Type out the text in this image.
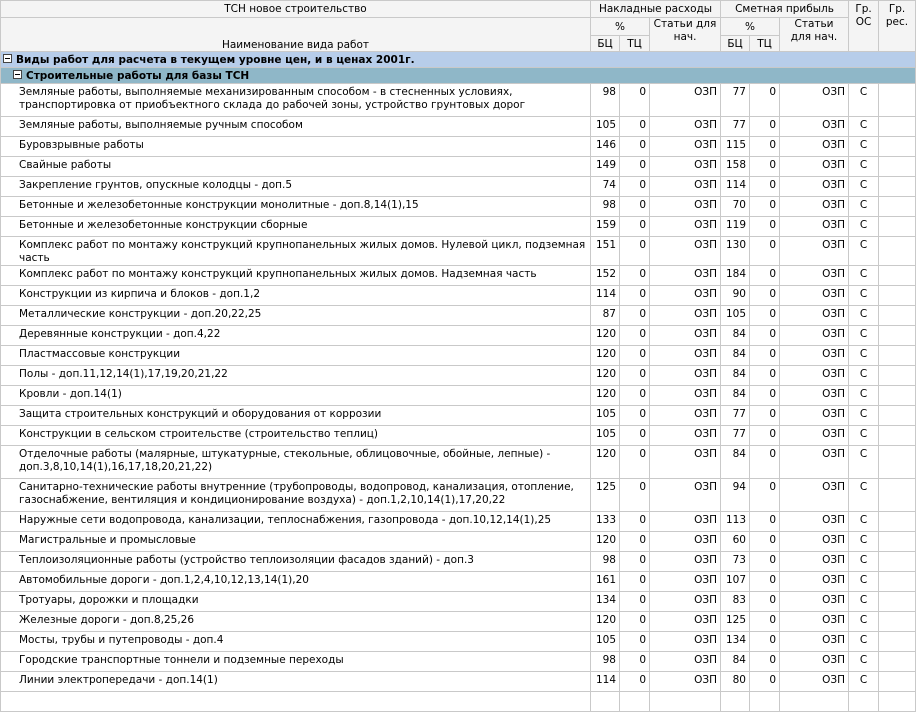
ТСН новое строительство	Накладные расходы			Сметная прибыль			Гр. ОС	Гр. рес.
Наименование вида работ	%		Статьи для нач.	%		Статьи для нач.		
	БЦ	ТЦ		БЦ	ТЦ			
Виды работ для расчета в текущем уровне цен, и в ценах 2001г.								
Строительные работы для базы ТСН								
Земляные работы, выполняемые механизированным способом - в стесненных условиях, транспортировка от приобъектного склада до рабочей зоны, устройство грунтовых дорог	98	0	ОЗП	77	0	ОЗП	С	
Земляные работы, выполняемые ручным способом	105	0	ОЗП	77	0	ОЗП	С	
Буровзрывные работы	146	0	ОЗП	115	0	ОЗП	С	
Свайные работы	149	0	ОЗП	158	0	ОЗП	С	
Закрепление грунтов, опускные колодцы - доп.5	74	0	ОЗП	114	0	ОЗП	С	
Бетонные и железобетонные конструкции монолитные - доп.8,14(1),15	98	0	ОЗП	70	0	ОЗП	С	
Бетонные и железобетонные конструкции сборные	159	0	ОЗП	119	0	ОЗП	С	
Комплекс работ по монтажу конструкций крупнопанельных жилых домов. Нулевой цикл, подземная часть	151	0	ОЗП	130	0	ОЗП	С	
Комплекс работ по монтажу конструкций крупнопанельных жилых домов. Надземная часть	152	0	ОЗП	184	0	ОЗП	С	
Конструкции из кирпича и блоков - доп.1,2	114	0	ОЗП	90	0	ОЗП	С	
Металлические конструкции - доп.20,22,25	87	0	ОЗП	105	0	ОЗП	С	
Деревянные конструкции - доп.4,22	120	0	ОЗП	84	0	ОЗП	С	
Пластмассовые конструкции	120	0	ОЗП	84	0	ОЗП	С	
Полы - доп.11,12,14(1),17,19,20,21,22	120	0	ОЗП	84	0	ОЗП	С	
Кровли - доп.14(1)	120	0	ОЗП	84	0	ОЗП	С	
Защита строительных конструкций и оборудования от коррозии	105	0	ОЗП	77	0	ОЗП	С	
Конструкции в сельском строительстве (строительство теплиц)	105	0	ОЗП	77	0	ОЗП	С	
Отделочные работы (малярные, штукатурные, стекольные, облицовочные, обойные, лепные) - доп.3,8,10,14(1),16,17,18,20,21,22)	120	0	ОЗП	84	0	ОЗП	С	
Санитарно-технические работы внутренние (трубопроводы, водопровод, канализация, отопление, газоснабжение, вентиляция и кондиционирование воздуха) - доп.1,2,10,14(1),17,20,22	125	0	ОЗП	94	0	ОЗП	С	
Наружные сети водопровода, канализации, теплоснабжения, газопровода - доп.10,12,14(1),25	133	0	ОЗП	113	0	ОЗП	С	
Магистральные и промысловые	120	0	ОЗП	60	0	ОЗП	С	
Теплоизоляционные работы (устройство теплоизоляции фасадов зданий) - доп.3	98	0	ОЗП	73	0	ОЗП	С	
Автомобильные дороги - доп.1,2,4,10,12,13,14(1),20	161	0	ОЗП	107	0	ОЗП	С	
Тротуары, дорожки и площадки	134	0	ОЗП	83	0	ОЗП	С	
Железные дороги - доп.8,25,26	120	0	ОЗП	125	0	ОЗП	С	
Мосты, трубы и путепроводы - доп.4	105	0	ОЗП	134	0	ОЗП	С	
Городские транспортные тоннели и подземные переходы	98	0	ОЗП	84	0	ОЗП	С	
Линии электропередачи - доп.14(1)	114	0	ОЗП	80	0	ОЗП	С	
